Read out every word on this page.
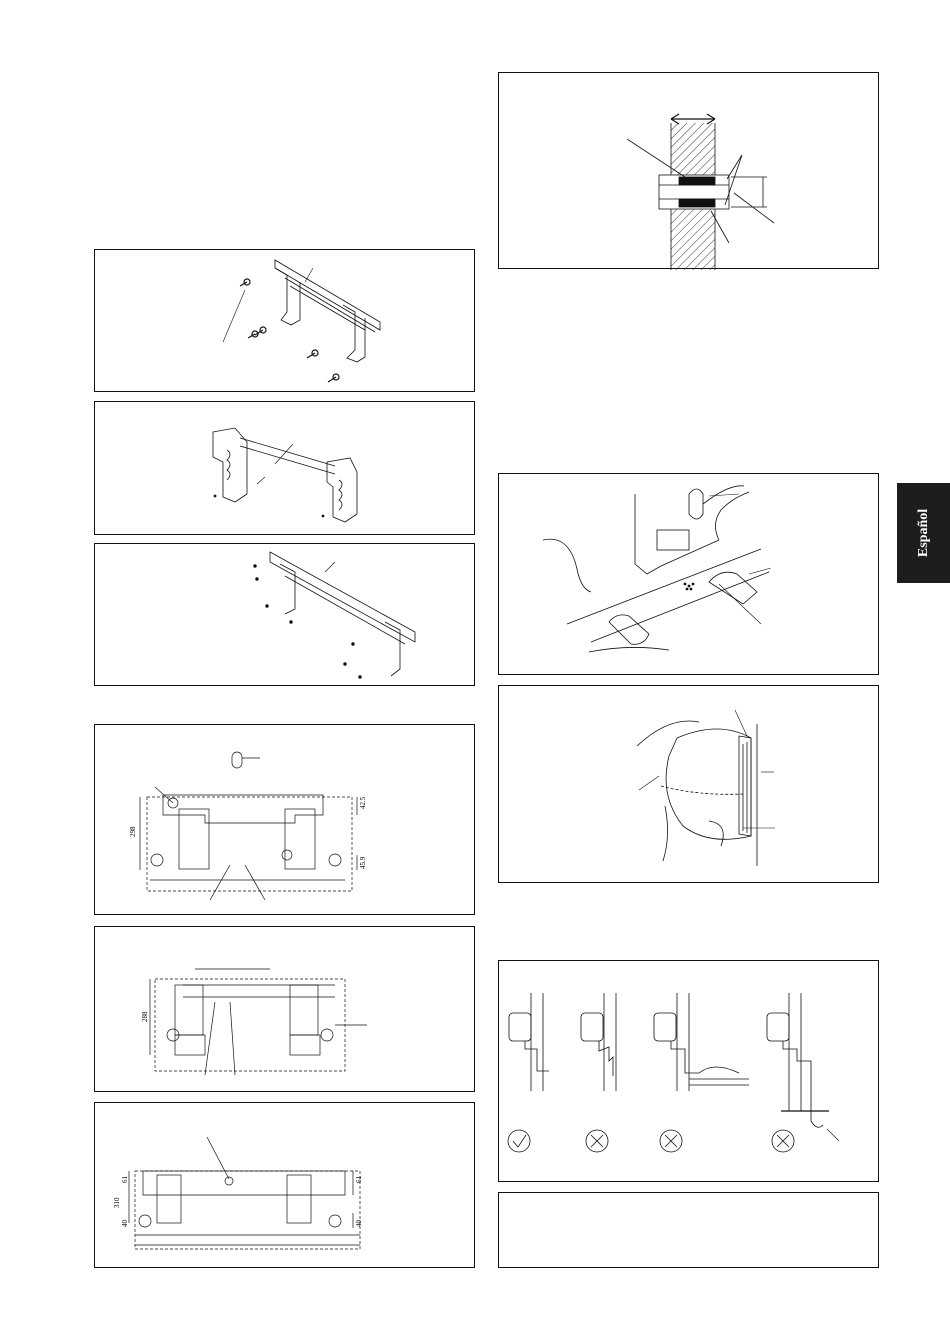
Español
298
42.5
45.9
288
310
61	61
40	40
